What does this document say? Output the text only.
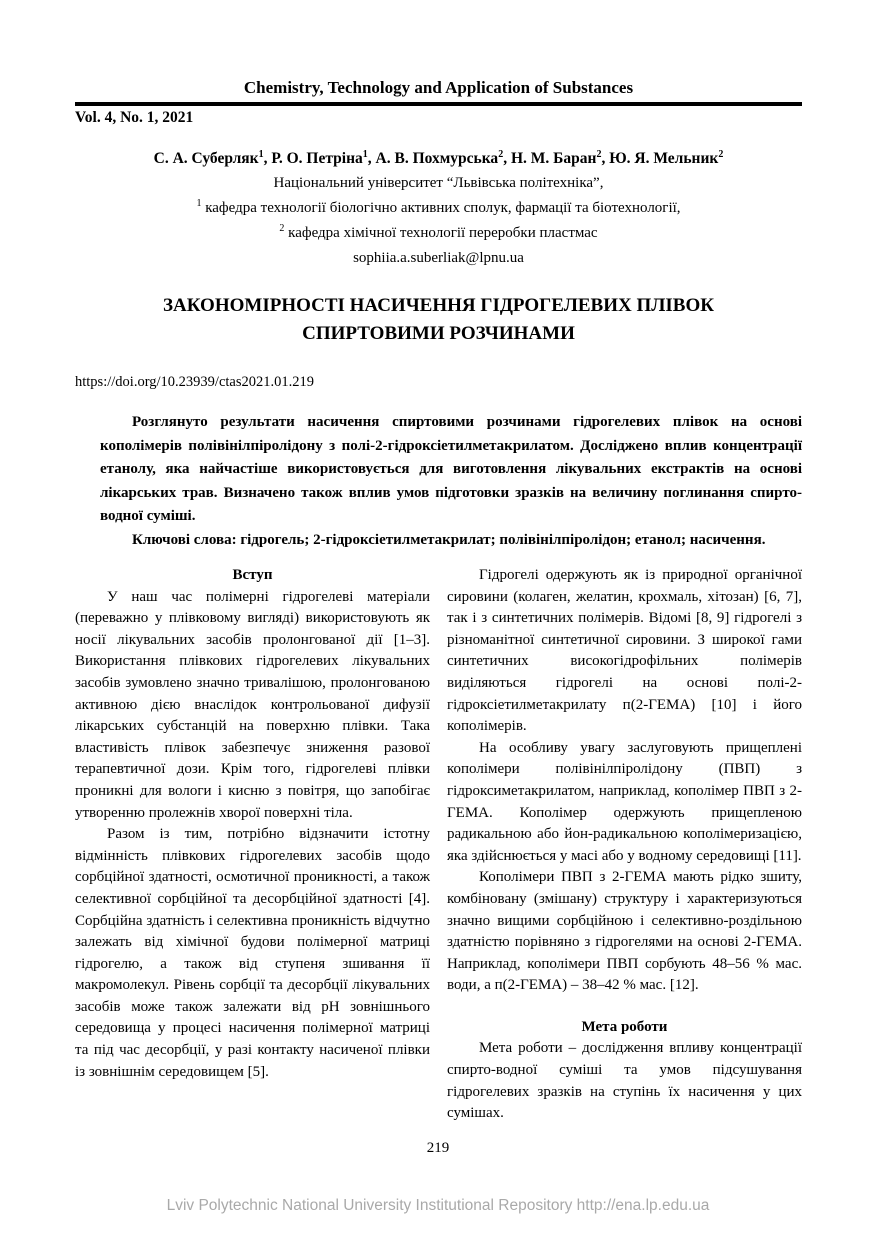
Chemistry, Technology and Application of Substances
Vol. 4, No. 1, 2021
С. А. Суберляк$^1$, Р. О. Петріна$^1$, А. В. Похмурська$^2$, Н. М. Баран$^2$, Ю. Я. Мельник$^2$
Національний університет “Львівська політехніка”,
$^1$ кафедра технології біологічно активних сполук, фармації та біотехнології,
$^2$ кафедра хімічної технології переробки пластмас
sophiia.a.suberliak@lpnu.ua
ЗАКОНОМІРНОСТІ НАСИЧЕННЯ ГІДРОГЕЛЕВИХ ПЛІВОК
СПИРТОВИМИ РОЗЧИНАМИ
https://doi.org/10.23939/ctas2021.01.219

Розглянуто результати насичення спиртовими розчинами гідрогелевих плівок на основі кополімерів полівінілпіролідону з полі-2-гідроксіетилметакрилатом. Досліджено вплив концентрації етанолу, яка найчастіше використовується для виготовлення лікувальних екстрактів на основі лікарських трав. Визначено також вплив умов підготовки зразків на величину поглинання спирто-водної суміші.

Ключові слова: гідрогель; 2-гідроксіетилметакрилат; полівінілпіролідон; етанол; насичення.

Вступ

У наш час полімерні гідрогелеві матеріали (переважно у плівковому вигляді) використовують як носії лікувальних засобів пролонгованої дії [1–3]. Використання плівкових гідрогелевих лікувальних засобів зумовлено значно тривалішою, пролонгованою активною дією внаслідок контрольованої дифузії лікарських субстанцій на поверхню плівки. Така властивість плівок забезпечує зниження разової терапевтичної дози. Крім того, гідрогелеві плівки проникні для вологи і кисню з повітря, що запобігає утворенню пролежнів хворої поверхні тіла.

Разом із тим, потрібно відзначити істотну відмінність плівкових гідрогелевих засобів щодо сорбційної здатності, осмотичної проникності, а також селективної сорбційної та десорбційної здатності [4]. Сорбційна здатність і селективна проникність відчутно залежать від хімічної будови полімерної матриці гідрогелю, а також від ступеня зшивання її макромолекул. Рівень сорбції та десорбції лікувальних засобів може також залежати від pH зовнішнього середовища у процесі насичення полімерної матриці та під час десорбції, у разі контакту насиченої плівки із зовнішнім середовищем [5].

Гідрогелі одержують як із природної органічної сировини (колаген, желатин, крохмаль, хітозан) [6, 7], так і з синтетичних полімерів. Відомі [8, 9] гідрогелі з різноманітної синтетичної сировини. З широкої гами синтетичних високогідрофільних полімерів виділяються гідрогелі на основі полі-2- гідроксіетилметакрилату п(2-ГЕМА) [10] і його кополімерів.

На особливу увагу заслуговують прищеплені кополімери полівінілпіролідону (ПВП) з гідроксиметакрилатом, наприклад, кополімер ПВП з 2-ГЕМА. Кополімер одержують прищепленою радикальною або йон-радикальною кополімеризацією, яка здійснюється у масі або у водному середовищі [11].

Кополімери ПВП з 2-ГЕМА мають рідко зшиту, комбіновану (змішану) структуру і характеризуються значно вищими сорбційною і селективно-роздільною здатністю порівняно з гідрогелями на основі 2-ГЕМА. Наприклад, кополімери ПВП сорбують 48–56 % мас. води, а п(2-ГЕМА) – 38–42 % мас. [12].

Мета роботи

Мета роботи – дослідження впливу концентрації спирто-водної суміші та умов підсушування гідрогелевих зразків на ступінь їх насичення у цих сумішах.

219
Lviv Polytechnic National University Institutional Repository http://ena.lp.edu.ua
